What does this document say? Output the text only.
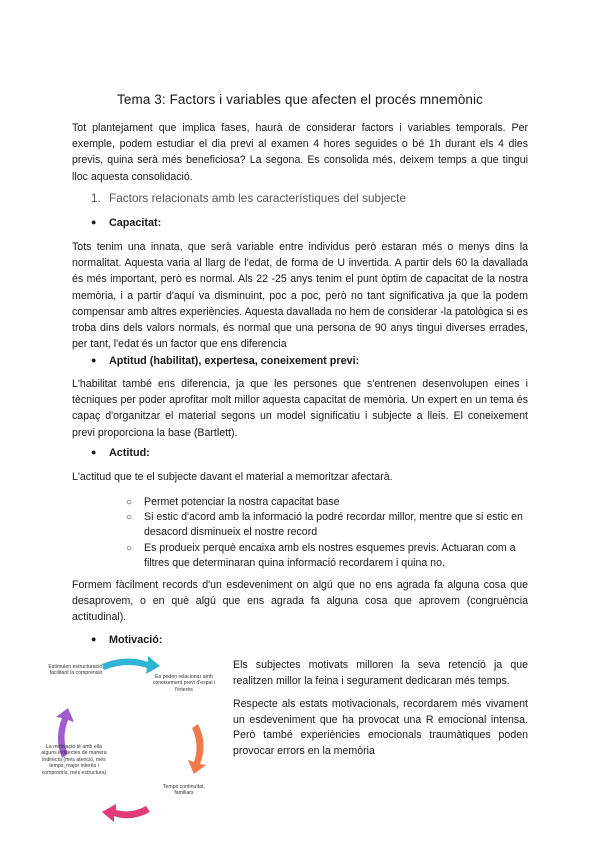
Tema 3: Factors i variables que afecten el procés mnemònic

Tot plantejament que implica fases, haurà de considerar factors i variables temporals. Per exemple, podem estudiar el dia previ al examen 4 hores seguides o bé 1h durant els 4 dies previs, quina serà més beneficiosa? La segona. Es consolida més, deixem temps a que tingui lloc aquesta consolidació.

1. Factors relacionats amb les característiques del subjecte
● Capacitat:

Tots tenim una innata, que serà variable entre individus però estaran més o menys dins la normalitat. Aquesta varia al llarg de l'edat, de forma de U invertida. A partir dels 60 la davallada és més important, però es normal. Als 22 -25 anys tenim el punt òptim de capacitat de la nostra memòria, i a partir d'aquí va disminuint, poc a poc, però no tant significativa ja que la podem compensar amb altres experiències. Aquesta davallada no hem de considerar -la patològica si es troba dins dels valors normals, és normal que una persona de 90 anys tingui diverses errades, per tant, l'edat és un factor que ens diferencia

● Aptitud (habilitat), expertesa, coneixement previ:

L'habilitat també ens diferencia, ja que les persones que s'entrenen desenvolupen eines i tècniques per poder aprofitar molt millor aquesta capacitat de memòria. Un expert en un tema és capaç d'organitzar el material segons un model significatiu i subjecte a lleis. El coneixement previ proporciona la base (Bartlett).

● Actitud:

L'actitud que te el subjecte davant el material a memoritzar afectarà.

○ Permet potenciar la nostra capacitat base
○ Si estic d'acord amb la informació la podré recordar millor, mentre que si estic en desacord disminueix el nostre record
○ Es produeix perquè encaixa amb els nostres esquemes previs. Actuaran com a filtres que determinaran quina informació recordarem i quina no.

Formem fàcilment records d'un esdeveniment on algú que no ens agrada fa alguna cosa que desaprovem, o en què algú que ens agrada fa alguna cosa que aprovem (congruència actitudinal).

● Motivació:

Els subjectes motivats milloren la seva retenció ja que realitzen millor la feina i segurament dedicaran més temps.

Respecte als estats motivacionals, recordarem més vivament un esdeveniment que ha provocat una R emocional intensa. Però també experiències emocionals traumàtiques poden provocar errors en la memòria

Estimulen estructuració, facilitant la comprensió
Es poden relacionar amb coneixement previ d'espai i l'interès
Temps continuïtat, familiars
La motivació té amb ella alguns indirectes de manera indirecta (més atenció, més temps, major interès i compromís, més estructura)
